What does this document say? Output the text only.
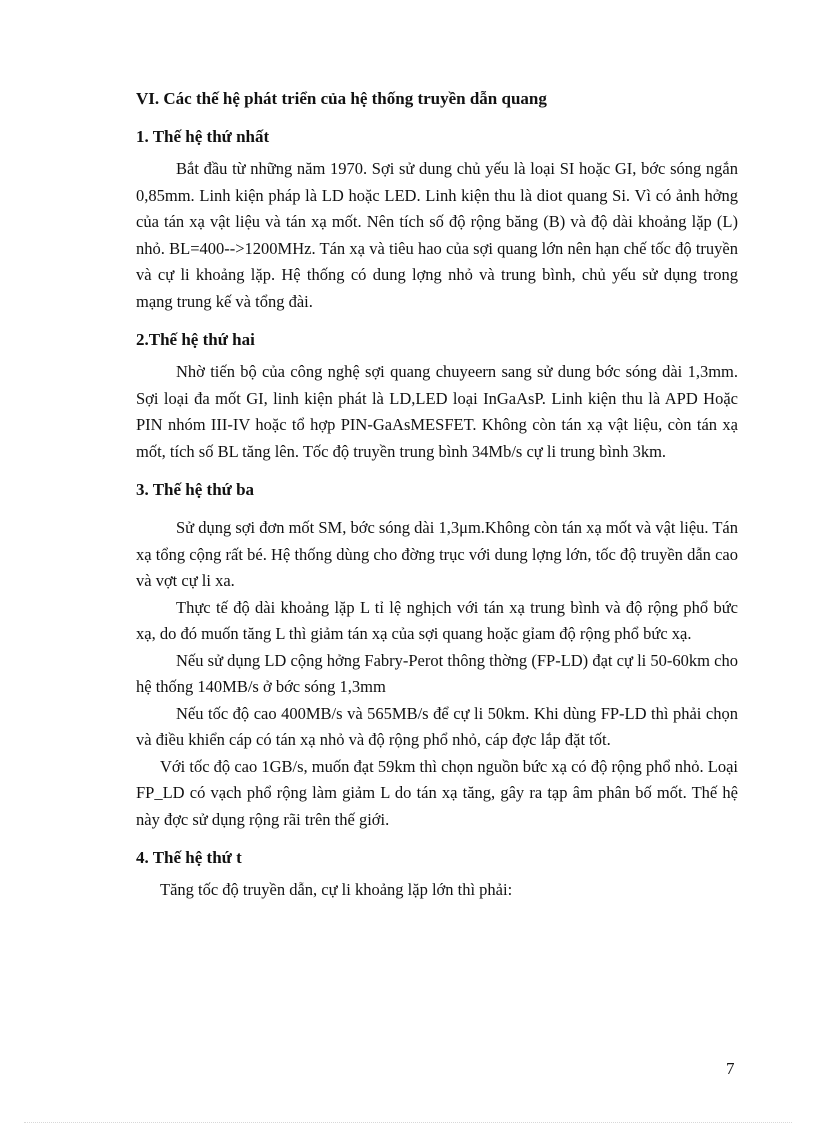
VI. Các thế hệ phát triển của hệ thống truyền dẫn quang
1. Thế hệ thứ nhất

Bắt đầu từ những năm 1970. Sợi sử dung chủ yếu là loại SI hoặc GI, bớc sóng ngắn 0,85mm. Linh kiện pháp là LD hoặc LED. Linh kiện thu là diot quang Si. Vì có ảnh hởng của tán xạ vật liệu và tán xạ mốt. Nên tích số độ rộng băng (B) và độ dài khoảng lặp (L) nhỏ. BL=400-->1200MHz. Tán xạ và tiêu hao của sợi quang lớn nên hạn chế tốc độ truyền và cự li khoảng lặp. Hệ thống có dung lợng nhỏ và trung bình, chủ yếu sử dụng trong mạng trung kế và tổng đài.

2.Thế hệ thứ hai

Nhờ tiến bộ của công nghệ sợi quang chuyeern sang sử dung bớc sóng dài 1,3mm. Sợi loại đa mốt GI, linh kiện phát là LD,LED loại InGaAsP. Linh kiện thu là APD Hoặc PIN nhóm III-IV hoặc tổ hợp PIN-GaAsMESFET. Không còn tán xạ vật liệu, còn tán xạ mốt, tích số BL tăng lên. Tốc độ truyền trung bình 34Mb/s cự li trung bình 3km.

3. Thế hệ thứ ba

Sử dụng sợi đơn mốt SM, bớc sóng dài 1,3μm.Không còn tán xạ mốt và vật liệu. Tán xạ tổng cộng rất bé. Hệ thống dùng cho đờng trục với dung lợng lớn, tốc độ truyền dẫn cao và vợt cự li xa.

Thực tế độ dài khoảng lặp L tỉ lệ nghịch với tán xạ trung bình và độ rộng phổ bức xạ, do đó muốn tăng L thì giảm tán xạ của sợi quang hoặc gỉam độ rộng phổ bức xạ.

Nếu sử dụng LD cộng hởng Fabry-Perot thông thờng (FP-LD) đạt cự li 50-60km cho hệ thống 140MB/s ở bớc sóng 1,3mm

Nếu tốc độ cao 400MB/s và 565MB/s để cự li 50km. Khi dùng FP-LD thì phải chọn và điều khiển cáp có tán xạ nhỏ và độ rộng phổ nhỏ, cáp đợc lắp đặt tốt.

Với tốc độ cao 1GB/s, muốn đạt 59km thì chọn nguồn bức xạ có độ rộng phổ nhỏ. Loại FP_LD có vạch phổ rộng làm giảm L do tán xạ tăng, gây ra tạp âm phân bố mốt. Thế hệ này đợc sử dụng rộng rãi trên thế giới.

4. Thế hệ thứ t

Tăng tốc độ truyền dẫn, cự li khoảng lặp lớn thì phải:

7
